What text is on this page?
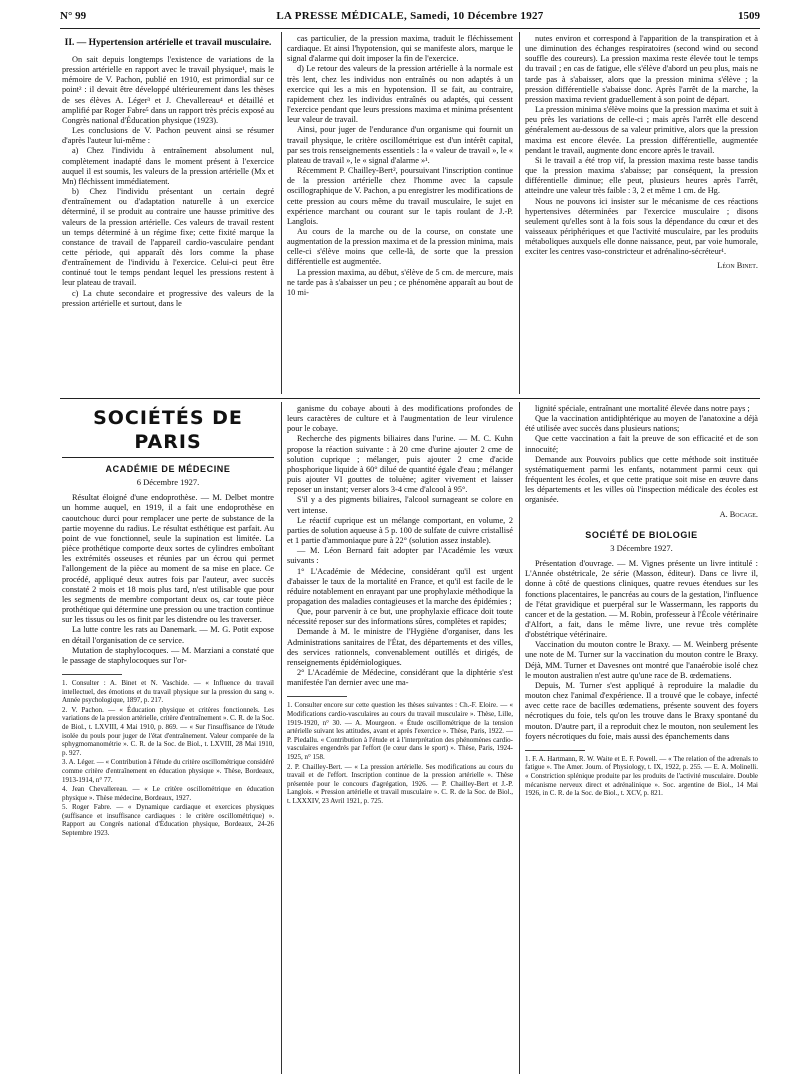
N° 99	LA PRESSE MÉDICALE, Samedi, 10 Décembre 1927	1509
II. — Hypertension artérielle et travail musculaire.

On sait depuis longtemps l'existence de variations de la pression artérielle en rapport avec le travail physique¹, mais le mémoire de V. Pachon, publié en 1910, est primordial sur ce point² : il devait être développé ultérieurement dans les thèses de ses élèves A. Léger³ et J. Chevallereau⁴ et détaillé et amplifié par Roger Fabre⁵ dans un rapport très précis exposé au Congrès national d'Éducation physique (1923).

Les conclusions de V. Pachon peuvent ainsi se résumer d'après l'auteur lui-même :

a) Chez l'individu à entraînement absolument nul, complètement inadapté dans le moment présent à l'exercice auquel il est soumis, les valeurs de la pression artérielle (Mx et Mn) fléchissent immédiatement.

b) Chez l'individu présentant un certain degré d'entraînement ou d'adaptation naturelle à un exercice déterminé, il se produit au contraire une hausse primitive des valeurs de la pression artérielle. Ces valeurs de travail restent un temps déterminé à un régime fixe; cette fixité marque la constance de travail de l'appareil cardio-vasculaire pendant cette période, qui apparaît dès lors comme la phase d'entraînement de l'individu à l'exercice. Celui-ci peut être continué tout le temps pendant lequel les pressions restent à leur plateau de travail.

c) La chute secondaire et progressive des valeurs de la pression artérielle et surtout, dans le

cas particulier, de la pression maxima, traduit le fléchissement cardiaque. Et ainsi l'hypotension, qui se manifeste alors, marque le signal d'alarme qui doit imposer la fin de l'exercice.

d) Le retour des valeurs de la pression artérielle à la normale est très lent, chez les individus non entraînés ou non adaptés à un exercice qui les a mis en hypotension. Il se fait, au contraire, rapidement chez les individus entraînés ou adaptés, qui cessent l'exercice pendant que leurs pressions maxima et minima présentent leur valeur de travail.

Ainsi, pour juger de l'endurance d'un organisme qui fournit un travail physique, le critère oscillométrique est d'un intérêt capital, par ses trois renseignements essentiels : la « valeur de travail », le « plateau de travail », le « signal d'alarme »¹.

Récemment P. Chailley-Bert², poursuivant l'inscription continue de la pression artérielle chez l'homme avec la capsule oscillographique de V. Pachon, a pu enregistrer les modifications de cette pression au cours même du travail musculaire, le sujet en expérience marchant ou courant sur le tapis roulant de J.-P. Langlois.

Au cours de la marche ou de la course, on constate une augmentation de la pression maxima et de la pression minima, mais celle-ci s'élève moins que celle-là, de sorte que la pression différentielle est augmentée.

La pression maxima, au début, s'élève de 5 cm. de mercure, mais ne tarde pas à s'abaisser un peu ; ce phénomène apparaît au bout de 10 mi-

nutes environ et correspond à l'apparition de la transpiration et à une diminution des échanges respiratoires (second wind ou second souffle des coureurs). La pression maxima reste élevée tout le temps du travail ; en cas de fatigue, elle s'élève d'abord un peu plus, mais ne tarde pas à s'abaisser, alors que la pression minima s'élève ; la pression différentielle s'abaisse donc. Après l'arrêt de la marche, la pression maxima revient graduellement à son point de départ.

La pression minima s'élève moins que la pression maxima et suit à peu près les variations de celle-ci ; mais après l'arrêt elle descend généralement au-dessous de sa valeur primitive, alors que la pression maxima est encore élevée. La pression différentielle, augmentée pendant le travail, augmente donc encore après le travail.

Si le travail a été trop vif, la pression maxima reste basse tandis que la pression maxima s'abaisse; par conséquent, la pression différentielle diminue; elle peut, plusieurs heures après l'arrêt, atteindre une valeur très faible : 3, 2 et même 1 cm. de Hg.

Nous ne pouvons ici insister sur le mécanisme de ces réactions hypertensives déterminées par l'exercice musculaire ; disons seulement qu'elles sont à la fois sous la dépendance du cœur et des vaisseaux périphériques et que l'activité musculaire, par les produits métaboliques auxquels elle donne naissance, peut, par voie humorale, exciter les centres vaso-constricteur et adrénalino-sécréteur¹.

Léon Binet.
SOCIÉTÉS DE PARIS
ACADÉMIE DE MÉDECINE
6 Décembre 1927.

Résultat éloigné d'une endoprothèse. — M. Delbet montre un homme auquel, en 1919, il a fait une endoprothèse en caoutchouc durci pour remplacer une perte de substance de la partie moyenne du radius. Le résultat esthétique est parfait. Au point de vue fonctionnel, seule la supination est limitée. La pièce prothétique comporte deux sortes de cylindres emboîtant les extrémités osseuses et réunies par un écrou qui permet l'allongement de la pièce au moment de sa mise en place. Ce procédé, appliqué deux autres fois par l'auteur, avec succès constaté 2 mois et 18 mois plus tard, n'est utilisable que pour les segments de membre comportant deux os, car toute pièce prothétique qui détermine une pression ou une traction continue sur les tissus ou les os finit par les distendre ou les traverser.

La lutte contre les rats au Danemark. — M. G. Potit expose en détail l'organisation de ce service.

Mutation de staphylocoques. — M. Marziani a constaté que le passage de staphylocoques sur l'or-

1. Consulter : A. Binet et N. Vaschide. — « Influence du travail intellectuel, des émotions et du travail physique sur la pression du sang ». Année psychologique, 1897, p. 217.

2. V. Pachon. — « Éducation physique et critères fonctionnels. Les variations de la pression artérielle, critère d'entraînement ». C. R. de la Soc. de Biol., t. LXVIII, 4 Mai 1910, p. 869. — « Sur l'insuffisance de l'étude isolée du pouls pour juger de l'état d'entraînement. Valeur comparée de la sphygmomanométrie ». C. R. de la Soc. de Biol., t. LXVIII, 28 Mai 1910, p. 927.

3. A. Léger. — « Contribution à l'étude du critère oscillométrique considéré comme critère d'entraînement en éducation physique ». Thèse, Bordeaux, 1913-1914, n° 77.

4. Jean Chevallereau. — « Le critère oscillométrique en éducation physique ». Thèse médecine, Bordeaux, 1927.

5. Roger Fabre. — « Dynamique cardiaque et exercices physiques (suffisance et insuffisance cardiaques : le critère oscillométrique) ». Rapport au Congrès national d'Éducation physique, Bordeaux, 24-26 Septembre 1923.

ganisme du cobaye abouti à des modifications profondes de leurs caractères de culture et à l'augmentation de leur virulence pour le cobaye.

Recherche des pigments biliaires dans l'urine. — M. C. Kuhn propose la réaction suivante : à 20 cme d'urine ajouter 2 cme de solution cuprique ; mélanger, puis ajouter 2 cme d'acide phosphorique liquide à 60° dilué de quantité égale d'eau ; mélanger puis ajouter VI gouttes de toluène; agiter vivement et laisser reposer un instant; verser alors 3-4 cme d'alcool à 95°.

S'il y a des pigments biliaires, l'alcool surnageant se colore en vert intense.

Le réactif cuprique est un mélange comportant, en volume, 2 parties de solution aqueuse à 5 p. 100 de sulfate de cuivre cristallisé et 1 partie d'ammoniaque pure à 22° (solution assez instable).

— M. Léon Bernard fait adopter par l'Académie les vœux suivants :

1° L'Académie de Médecine, considérant qu'il est urgent d'abaisser le taux de la mortalité en France, et qu'il est facile de le réduire notablement en enrayant par une prophylaxie méthodique la propagation des maladies contagieuses et la marche des épidémies ;

Que, pour parvenir à ce but, une prophylaxie efficace doit toute nécessité reposer sur des informations sûres, complètes et rapides;

Demande à M. le ministre de l'Hygiène d'organiser, dans les Administrations sanitaires de l'État, des départements et des villes, des services rationnels, convenablement outillés et dirigés, de renseignements épidémiologiques.

2° L'Académie de Médecine, considérant que la diphtérie s'est manifestée l'an dernier avec une ma-

1. Consulter encore sur cette question les thèses suivantes : Ch.-F. Eloire. — « Modifications cardio-vasculaires au cours du travail musculaire ». Thèse, Lille, 1919-1920, n° 30. — A. Mourgeon. « Étude oscillométrique de la tension artérielle suivant les attitudes, avant et après l'exercice ». Thèse, Paris, 1922. — P. Piedallu. « Contribution à l'étude et à l'interprétation des phénomènes cardio-vasculaires engendrés par l'effort (le cœur dans le sport) ». Thèse, Paris, 1924-1925, n° 158.

2. P. Chailley-Bert. — « La pression artérielle. Ses modifications au cours du travail et de l'effort. Inscription continue de la pression artérielle ». Thèse présentée pour le concours d'agrégation, 1926. — P. Chailley-Bert et J.-P. Langlois. « Pression artérielle et travail musculaire ». C. R. de la Soc. de Biol., t. LXXXIV, 23 Avril 1921, p. 725.

lignité spéciale, entraînant une mortalité élevée dans notre pays ;

Que la vaccination antidiphtérique au moyen de l'anatoxine a déjà été utilisée avec succès dans plusieurs nations;

Que cette vaccination a fait la preuve de son efficacité et de son innocuité;

Demande aux Pouvoirs publics que cette méthode soit instituée systématiquement parmi les enfants, notamment parmi ceux qui fréquentent les écoles, et que cette pratique soit mise en œuvre dans les départements et les villes où l'inspection médicale des écoles est organisée.

A. Bocage.
SOCIÉTÉ DE BIOLOGIE
3 Décembre 1927.

Présentation d'ouvrage. — M. Vignes présente un livre intitulé : L'Année obstétricale, 2e série (Masson, éditeur). Dans ce livre il, donne à côté de questions cliniques, quatre revues étendues sur les fonctions placentaires, le pancréas au cours de la gestation, l'influence de l'état gravidique et puerpéral sur le Wassermann, les rapports du cancer et de la gestation. — M. Robin, professeur à l'École vétérinaire d'Alfort, a fait, dans le même livre, une revue très complète d'obstétrique vétérinaire.

Vaccination du mouton contre le Braxy. — M. Weinberg présente une note de M. Turner sur la vaccination du mouton contre le Braxy. Déjà, MM. Turner et Davesnes ont montré que l'anaérobie isolé chez le mouton australien n'est autre qu'une race de B. œdematiens.

Depuis, M. Turner s'est appliqué à reproduire la maladie du mouton chez l'animal d'expérience. Il a trouvé que le cobaye, infecté avec cette race de bacilles œdematiens, présente souvent des foyers nécrotiques du foie, tels qu'on les trouve dans le Braxy spontané du mouton. D'autre part, il a reproduit chez le mouton, non seulement les foyers nécrotiques du foie, mais aussi des épanchements dans

1. F. A. Hartmann, R. W. Waite et E. F. Powell. — « The relation of the adrenals to fatigue ». The Amer. Journ. of Physiology, t. IX, 1922, p. 255. — E. A. Molinelli. « Constriction splénique produite par les produits de l'activité musculaire. Double mécanisme nerveux direct et adrénalinique ». Soc. argentine de Biol., 14 Mai 1926, in C. R. de la Soc. de Biol., t. XCV, p. 821.
